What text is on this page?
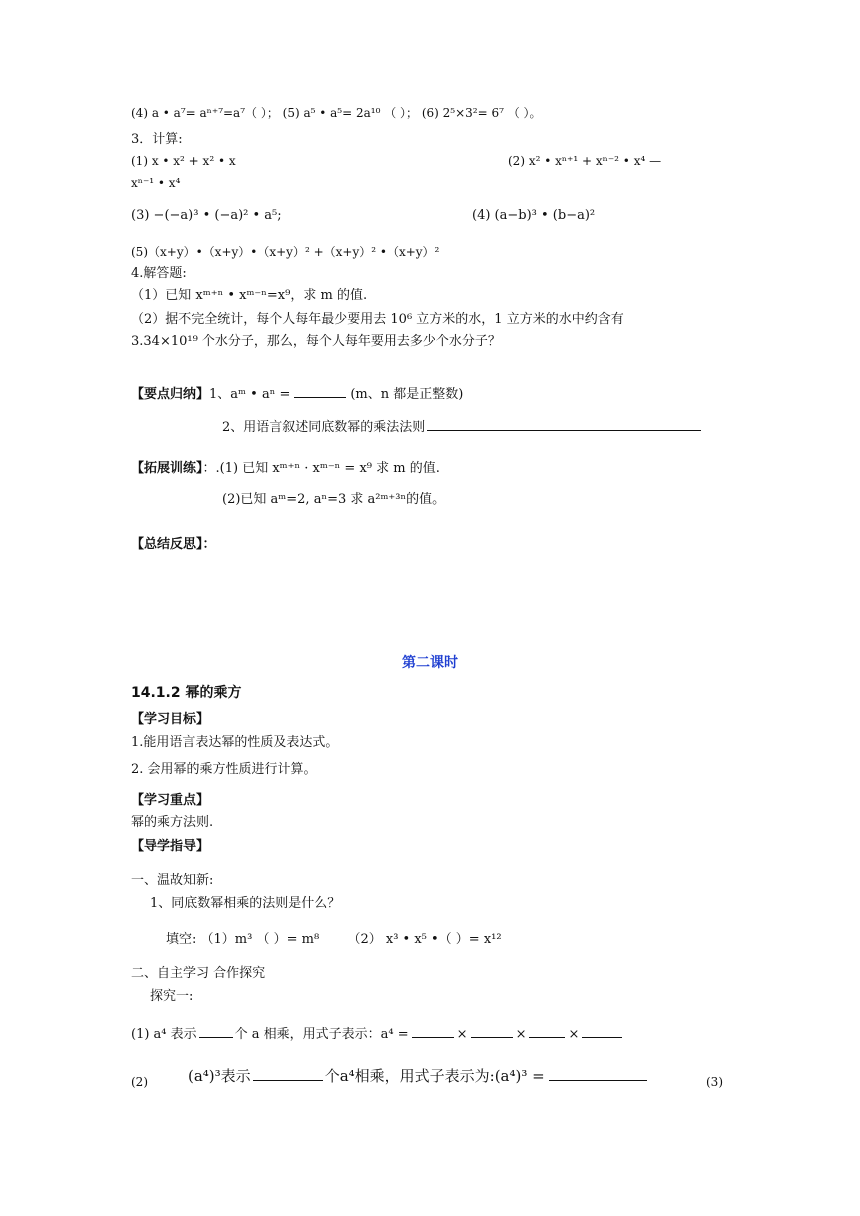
(4) a • a⁷= aⁿ⁺⁷=a⁷（ ）； (5) a⁵ • a⁵= 2a¹⁰ （ ）； (6) 2⁵×3²= 6⁷ （ ）。
3．计算:
(1) x • x² + x² • x	(2) x² • xⁿ⁺¹ + xⁿ⁻² • x⁴ —
xⁿ⁻¹ • x⁴
(3) −(−a)³ • (−a)² • a⁵;	(4) (a−b)³ • (b−a)²
(5)（x+y）•（x+y）•（x+y）² +（x+y）² •（x+y）²
4.解答题:
（1）已知 xᵐ⁺ⁿ • xᵐ⁻ⁿ=x⁹，求 m 的值.
（2）据不完全统计，每个人每年最少要用去 10⁶ 立方米的水，1 立方米的水中约含有
3.34×10¹⁹ 个水分子，那么，每个人每年要用去多少个水分子？
【要点归纳】1、aᵐ • aⁿ =	(m、n 都是正整数)
2、用语言叙述同底数幂的乘法法则
【拓展训练】：.(1) 已知 xᵐ⁺ⁿ · xᵐ⁻ⁿ = x⁹ 求 m 的值.
(2)已知 aᵐ=2, aⁿ=3 求 a²ᵐ⁺³ⁿ的值。
【总结反思】：
第二课时
14.1.2 幂的乘方
【学习目标】
1.能用语言表达幂的性质及表达式。
2. 会用幂的乘方性质进行计算。
【学习重点】
幂的乘方法则.
【导学指导】
一、温故知新:
1、同底数幂相乘的法则是什么？
填空: （1）m³ （ ）= m⁸ （2） x³ • x⁵ •（ ）= x¹²
二、自主学习 合作探究
探究一:
(1) a⁴ 表示	个 a 相乘，用式子表示：a⁴ =	×	×	×
(2)	(a⁴)³表示	个a⁴相乘，用式子表示为:(a⁴)³ =	(3)
